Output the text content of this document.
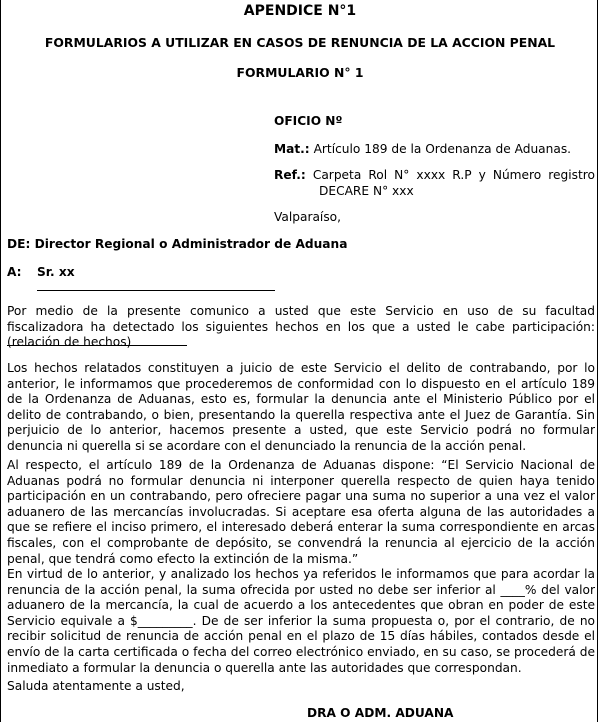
APENDICE N°1
FORMULARIOS A UTILIZAR EN CASOS DE RENUNCIA DE LA ACCION PENAL
FORMULARIO N° 1
OFICIO Nº
Mat.: Artículo 189 de la Ordenanza de Aduanas.
Ref.: Carpeta Rol N° xxxx R.P y Número registro
DECARE N° xxx
Valparaíso,
DE: Director Regional o Administrador de Aduana
A: Sr. xx

Por medio de la presente comunico a usted que este Servicio en uso de su facultad fiscalizadora ha detectado los siguientes hechos en los que a usted le cabe participación: (relación de hechos)

Los hechos relatados constituyen a juicio de este Servicio el delito de contrabando, por lo anterior, le informamos que procederemos de conformidad con lo dispuesto en el artículo 189 de la Ordenanza de Aduanas, esto es, formular la denuncia ante el Ministerio Público por el delito de contrabando, o bien, presentando la querella respectiva ante el Juez de Garantía. Sin perjuicio de lo anterior, hacemos presente a usted, que este Servicio podrá no formular denuncia ni querella si se acordare con el denunciado la renuncia de la acción penal.

Al respecto, el artículo 189 de la Ordenanza de Aduanas dispone: “El Servicio Nacional de Aduanas podrá no formular denuncia ni interponer querella respecto de quien haya tenido participación en un contrabando, pero ofreciere pagar una suma no superior a una vez el valor aduanero de las mercancías involucradas. Si aceptare esa oferta alguna de las autoridades a que se refiere el inciso primero, el interesado deberá enterar la suma correspondiente en arcas fiscales, con el comprobante de depósito, se convendrá la renuncia al ejercicio de la acción penal, que tendrá como efecto la extinción de la misma.”

En virtud de lo anterior, y analizado los hechos ya referidos le informamos que para acordar la renuncia de la acción penal, la suma ofrecida por usted no debe ser inferior al ____% del valor aduanero de la mercancía, la cual de acuerdo a los antecedentes que obran en poder de este Servicio equivale a $_________. De de ser inferior la suma propuesta o, por el contrario, de no recibir solicitud de renuncia de acción penal en el plazo de 15 días hábiles, contados desde el envío de la carta certificada o fecha del correo electrónico enviado, en su caso, se procederá de inmediato a formular la denuncia o querella ante las autoridades que correspondan.

Saluda atentamente a usted,
DRA O ADM. ADUANA
